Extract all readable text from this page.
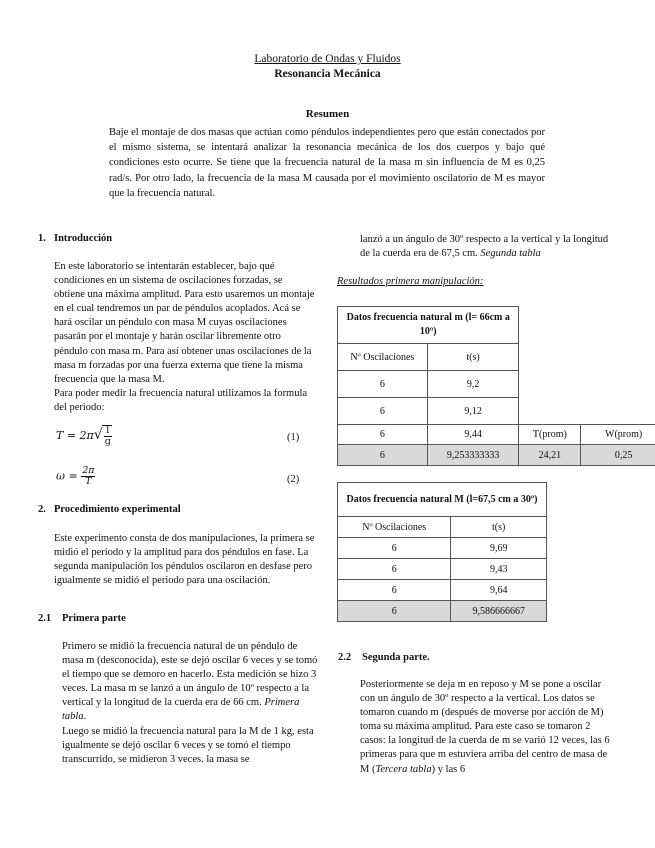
Laboratorio de Ondas y Fluidos
Resonancia Mecánica
Resumen
Baje el montaje de dos masas que actúan como péndulos independientes pero que están conectados por el mismo sistema, se intentará analizar la resonancia mecánica de los dos cuerpos y bajo qué condiciones esto ocurre. Se tiene que la frecuencia natural de la masa m sin influencia de M es 0,25 rad/s. Por otro lado, la frecuencia de la masa M causada por el movimiento oscilatorio de M es mayor que la frecuencia natural.
1. Introducción

En este laboratorio se intentarán establecer, bajo qué condiciones en un sistema de oscilaciones forzadas, se obtiene una máxima amplitud. Para esto usaremos un montaje en el cual tendremos un par de péndulos acoplados. Acá se hará oscilar un péndulo con masa M cuyas oscilaciones pasarán por el montaje y harán oscilar libremente otro péndulo con masa m. Para así obtener unas oscilaciones de la masa m forzadas por una fuerza externa que tiene la misma frecuencia que la masa M.

Para poder medir la frecuencia natural utilizamos la formula del periodo:

$T = 2\pi√ \frac{l}{g}$	(1)
$\omega = \frac{2\pi}{T}$	(2)
2. Procedimiento experimental
Este experimento consta de dos manipulaciones, la primera se midió el periodo y la amplitud para dos péndulos en fase. La segunda manipulación los péndulos oscilaron en desfase pero igualmente se midió el periodo para una oscilación.
2.1 Primera parte

Primero se midió la frecuencia natural de un péndulo de masa m (desconocida), este se dejó oscilar 6 veces y se tomó el tiempo que se demoro en hacerlo. Esta medición se hizo 3 veces. La masa m se lanzó a un ángulo de 10º respecto a la vertical y la longitud de la cuerda era de 66 cm. Primera tabla.

Luego se midió la frecuencia natural para la M de 1 kg, esta igualmente se dejó oscilar 6 veces y se tomó el tiempo transcurrido, se midieron 3 veces. la masa se

lanzó a un ángulo de 30º respecto a la vertical y la longitud de la cuerda era de 67,5 cm. Segunda tabla
Resultados primera manipulación:
Datos frecuencia natural m (l= 66cm a 10º)			
Nº Oscilaciones	t(s)		
6	9,2		
6	9,12		
6	9,44	T(prom)	W(prom)
6	9,253333333	24,21	0,25
Datos frecuencia natural M (l=67,5 cm a 30º)	
Nº Oscilaciones	t(s)
6	9,69
6	9,43
6	9,64
6	9,586666667
2.2 Segunda parte.
Posteriormente se deja m en reposo y M se pone a oscilar con un ángulo de 30º respecto a la vertical. Los datos se tomaron cuando m (después de moverse por acción de M) toma su máxima amplitud. Para este caso se tomaron 2 casos: la longitud de la cuerda de m se varió 12 veces, las 6 primeras para que m estuviera arriba del centro de masa de M (Tercera tabla) y las 6
